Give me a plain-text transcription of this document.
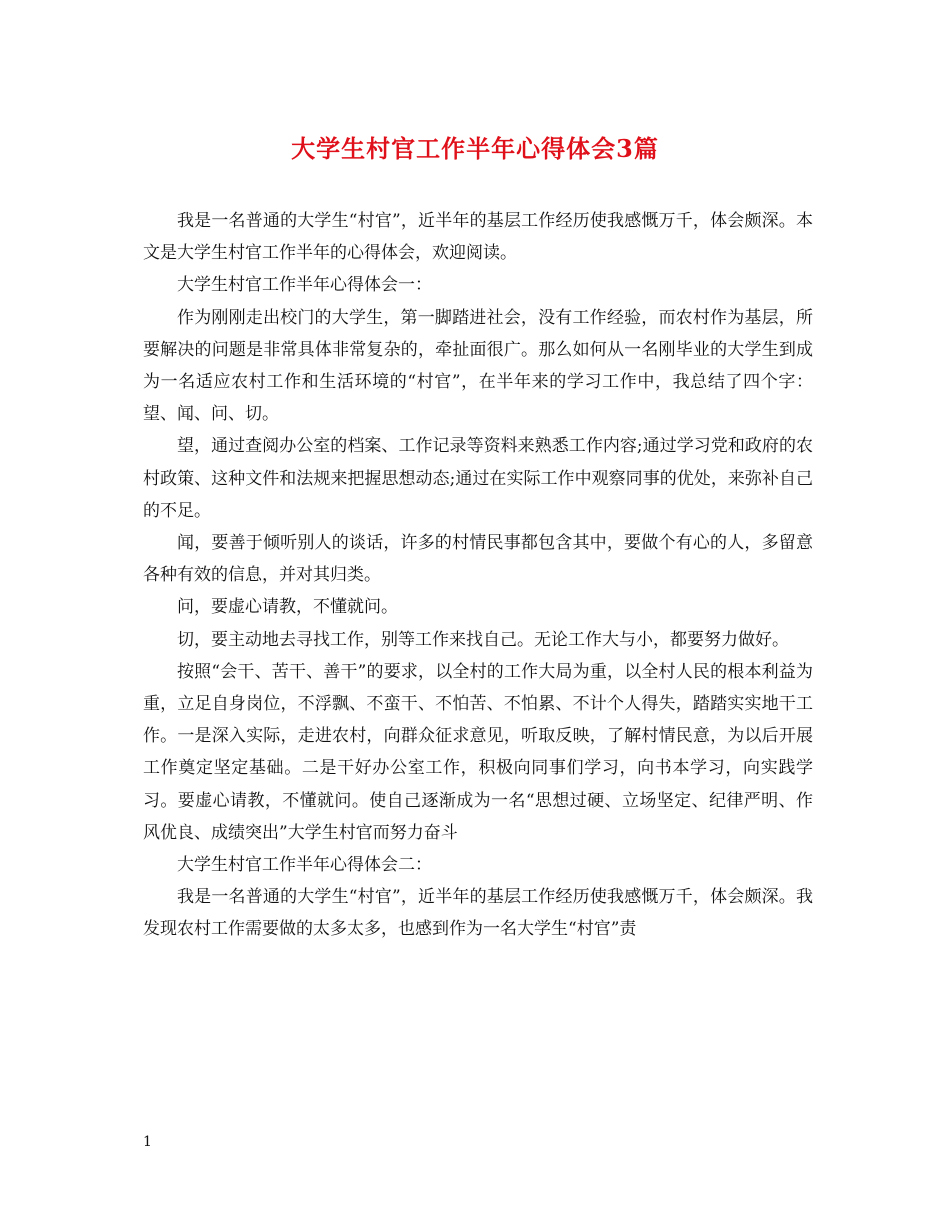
大学生村官工作半年心得体会3篇

我是一名普通的大学生“村官”，近半年的基层工作经历使我感慨万千，体会颇深。本文是大学生村官工作半年的心得体会，欢迎阅读。

大学生村官工作半年心得体会一：

作为刚刚走出校门的大学生，第一脚踏进社会，没有工作经验，而农村作为基层，所要解决的问题是非常具体非常复杂的，牵扯面很广。那么如何从一名刚毕业的大学生到成为一名适应农村工作和生活环境的“村官”，在半年来的学习工作中，我总结了四个字：望、闻、问、切。

望，通过查阅办公室的档案、工作记录等资料来熟悉工作内容;通过学习党和政府的农村政策、这种文件和法规来把握思想动态;通过在实际工作中观察同事的优处，来弥补自己的不足。

闻，要善于倾听别人的谈话，许多的村情民事都包含其中，要做个有心的人，多留意各种有效的信息，并对其归类。

问，要虚心请教，不懂就问。

切，要主动地去寻找工作，别等工作来找自己。无论工作大与小，都要努力做好。

按照“会干、苦干、善干”的要求，以全村的工作大局为重，以全村人民的根本利益为重，立足自身岗位，不浮飘、不蛮干、不怕苦、不怕累、不计个人得失，踏踏实实地干工作。一是深入实际，走进农村，向群众征求意见，听取反映，了解村情民意，为以后开展工作奠定坚定基础。二是干好办公室工作，积极向同事们学习，向书本学习，向实践学习。要虚心请教，不懂就问。使自己逐渐成为一名“思想过硬、立场坚定、纪律严明、作风优良、成绩突出”大学生村官而努力奋斗

大学生村官工作半年心得体会二：

我是一名普通的大学生“村官”，近半年的基层工作经历使我感慨万千，体会颇深。我发现农村工作需要做的太多太多，也感到作为一名大学生“村官”责

1
